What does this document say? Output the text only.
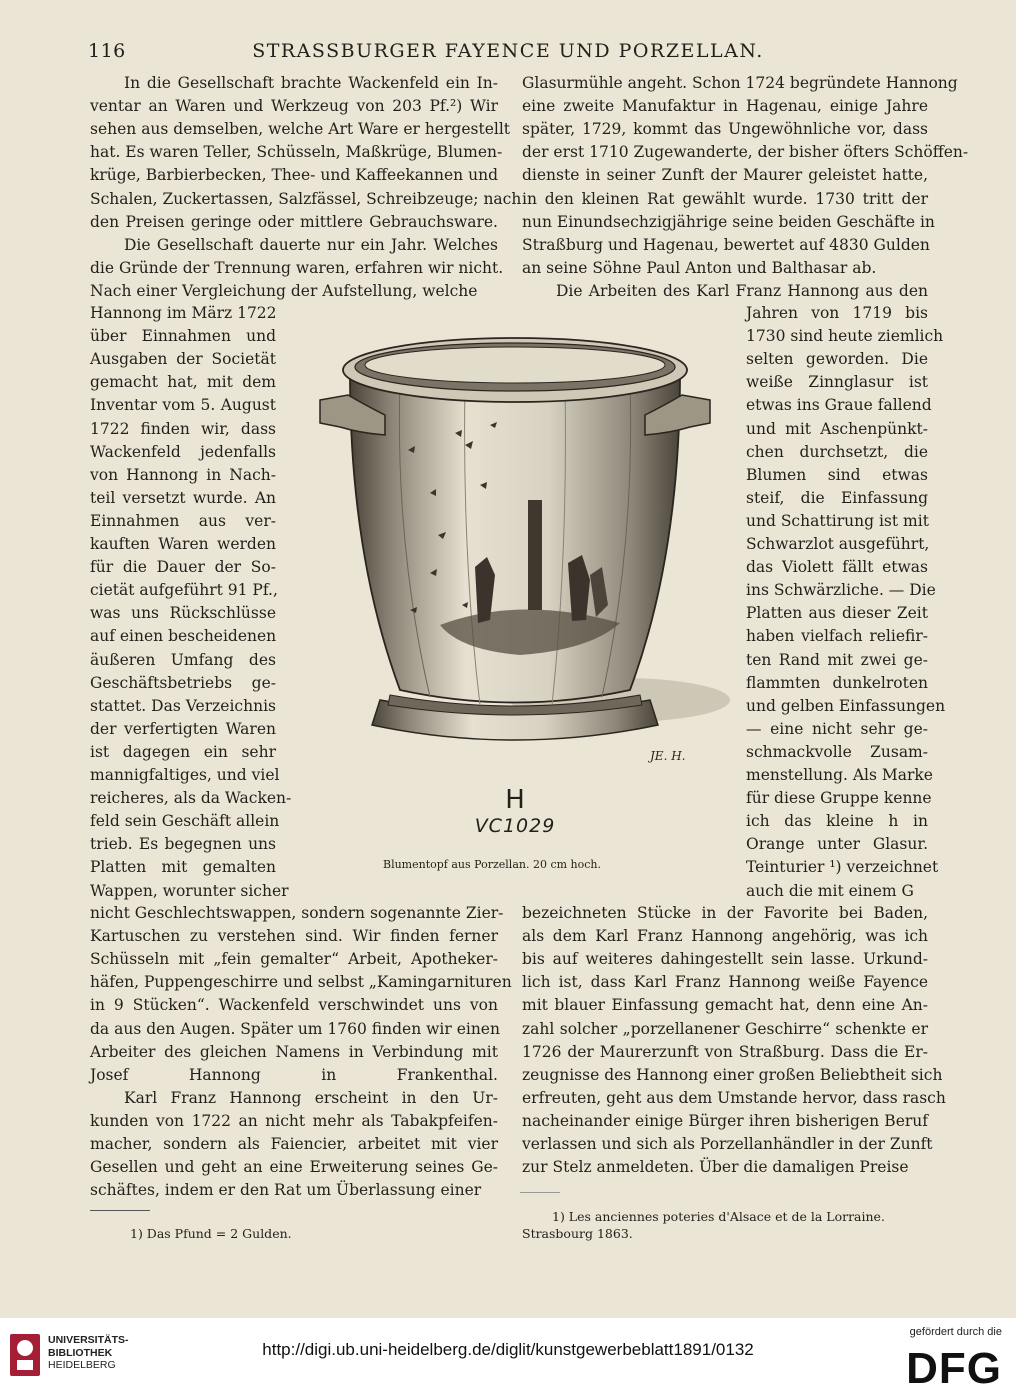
116	STRASSBURGER FAYENCE UND PORZELLAN.
In die Gesellschaft brachte Wackenfeld ein In-
ventar an Waren und Werkzeug von 203 Pf.²) Wir
sehen aus demselben, welche Art Ware er hergestellt
hat. Es waren Teller, Schüsseln, Maßkrüge, Blumen-
krüge, Barbierbecken, Thee- und Kaffeekannen und
Schalen, Zuckertassen, Salzfässel, Schreibzeuge; nach
den Preisen geringe oder mittlere Gebrauchsware.
Die Gesellschaft dauerte nur ein Jahr. Welches
die Gründe der Trennung waren, erfahren wir nicht.
Nach einer Vergleichung der Aufstellung, welche
Hannong im März 1722
über Einnahmen und
Ausgaben der Societät
gemacht hat, mit dem
Inventar vom 5. August
1722 finden wir, dass
Wackenfeld jedenfalls
von Hannong in Nach-
teil versetzt wurde. An
Einnahmen aus ver-
kauften Waren werden
für die Dauer der So-
cietät aufgeführt 91 Pf.,
was uns Rückschlüsse
auf einen bescheidenen
äußeren Umfang des
Geschäftsbetriebs ge-
stattet. Das Verzeichnis
der verfertigten Waren
ist dagegen ein sehr
mannigfaltiges, und viel
reicheres, als da Wacken-
feld sein Geschäft allein
trieb. Es begegnen uns
Platten mit gemalten
Wappen, worunter sicher
nicht Geschlechtswappen, sondern sogenannte Zier-
Kartuschen zu verstehen sind. Wir finden ferner
Schüsseln mit „fein gemalter“ Arbeit, Apotheker-
häfen, Puppengeschirre und selbst „Kamingarnituren
in 9 Stücken“. Wackenfeld verschwindet uns von
da aus den Augen. Später um 1760 finden wir einen
Arbeiter des gleichen Namens in Verbindung mit
Josef Hannong in Frankenthal.
Karl Franz Hannong erscheint in den Ur-
kunden von 1722 an nicht mehr als Tabakpfeifen-
macher, sondern als Faiencier, arbeitet mit vier
Gesellen und geht an eine Erweiterung seines Ge-
schäftes, indem er den Rat um Überlassung einer
Glasurmühle angeht. Schon 1724 begründete Hannong
eine zweite Manufaktur in Hagenau, einige Jahre
später, 1729, kommt das Ungewöhnliche vor, dass
der erst 1710 Zugewanderte, der bisher öfters Schöffen-
dienste in seiner Zunft der Maurer geleistet hatte,
in den kleinen Rat gewählt wurde. 1730 tritt der
nun Einundsechzigjährige seine beiden Geschäfte in
Straßburg und Hagenau, bewertet auf 4830 Gulden
an seine Söhne Paul Anton und Balthasar ab.
Die Arbeiten des Karl Franz Hannong aus den
Jahren von 1719 bis
1730 sind heute ziemlich
selten geworden. Die
weiße Zinnglasur ist
etwas ins Graue fallend
und mit Aschenpünkt-
chen durchsetzt, die
Blumen sind etwas
steif, die Einfassung
und Schattirung ist mit
Schwarzlot ausgeführt,
das Violett fällt etwas
ins Schwärzliche. — Die
Platten aus dieser Zeit
haben vielfach reliefir-
ten Rand mit zwei ge-
flammten dunkelroten
und gelben Einfassungen
— eine nicht sehr ge-
schmackvolle Zusam-
menstellung. Als Marke
für diese Gruppe kenne
ich das kleine h in
Orange unter Glasur.
Teinturier ¹) verzeichnet
auch die mit einem G
bezeichneten Stücke in der Favorite bei Baden,
als dem Karl Franz Hannong angehörig, was ich
bis auf weiteres dahingestellt sein lasse. Urkund-
lich ist, dass Karl Franz Hannong weiße Fayence
mit blauer Einfassung gemacht hat, denn eine An-
zahl solcher „porzellanener Geschirre“ schenkte er
1726 der Maurerzunft von Straßburg. Dass die Er-
zeugnisse des Hannong einer großen Beliebtheit sich
erfreuten, geht aus dem Umstande hervor, dass rasch
nacheinander einige Bürger ihren bisherigen Beruf
verlassen und sich als Porzellanhändler in der Zunft
zur Stelz anmeldeten. Über die damaligen Preise
JE. H.
H
VC1029
Blumentopf aus Porzellan. 20 cm hoch.
1) Das Pfund = 2 Gulden.
1) Les anciennes poteries d'Alsace et de la Lorraine.
Strasbourg 1863.
UNIVERSITÄTS-
BIBLIOTHEK
HEIDELBERG
http://digi.ub.uni-heidelberg.de/diglit/kunstgewerbeblatt1891/0132
gefördert durch die
DFG
